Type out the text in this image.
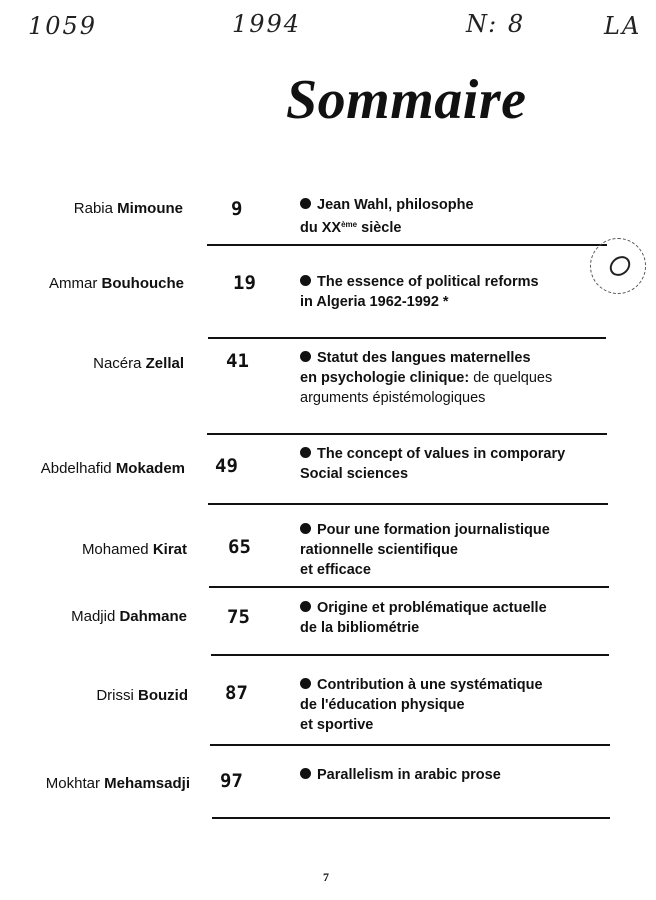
1059	1994	N: 8	LA
Sommaire
Rabia Mimoune	9	Jean Wahl, philosophe
du XXème siècle
Ammar Bouhouche	19	The essence of political reforms
in Algeria 1962-1992 *
Nacéra Zellal 41	Statut des langues maternelles
en psychologie clinique: de quelques
arguments épistémologiques
Abdelhafid Mokadem 49
The concept of values in comporary
Social sciences
Mohamed Kirat 65
Pour une formation journalistique
rationnelle scientifique
et efficace
Madjid Dahmane 75	Origine et problématique actuelle
de la bibliométrie
Drissi Bouzid 87	Contribution à une systématique
de l'éducation physique
et sportive
Mokhtar Mehamsadji 97	Parallelism in arabic prose
7
